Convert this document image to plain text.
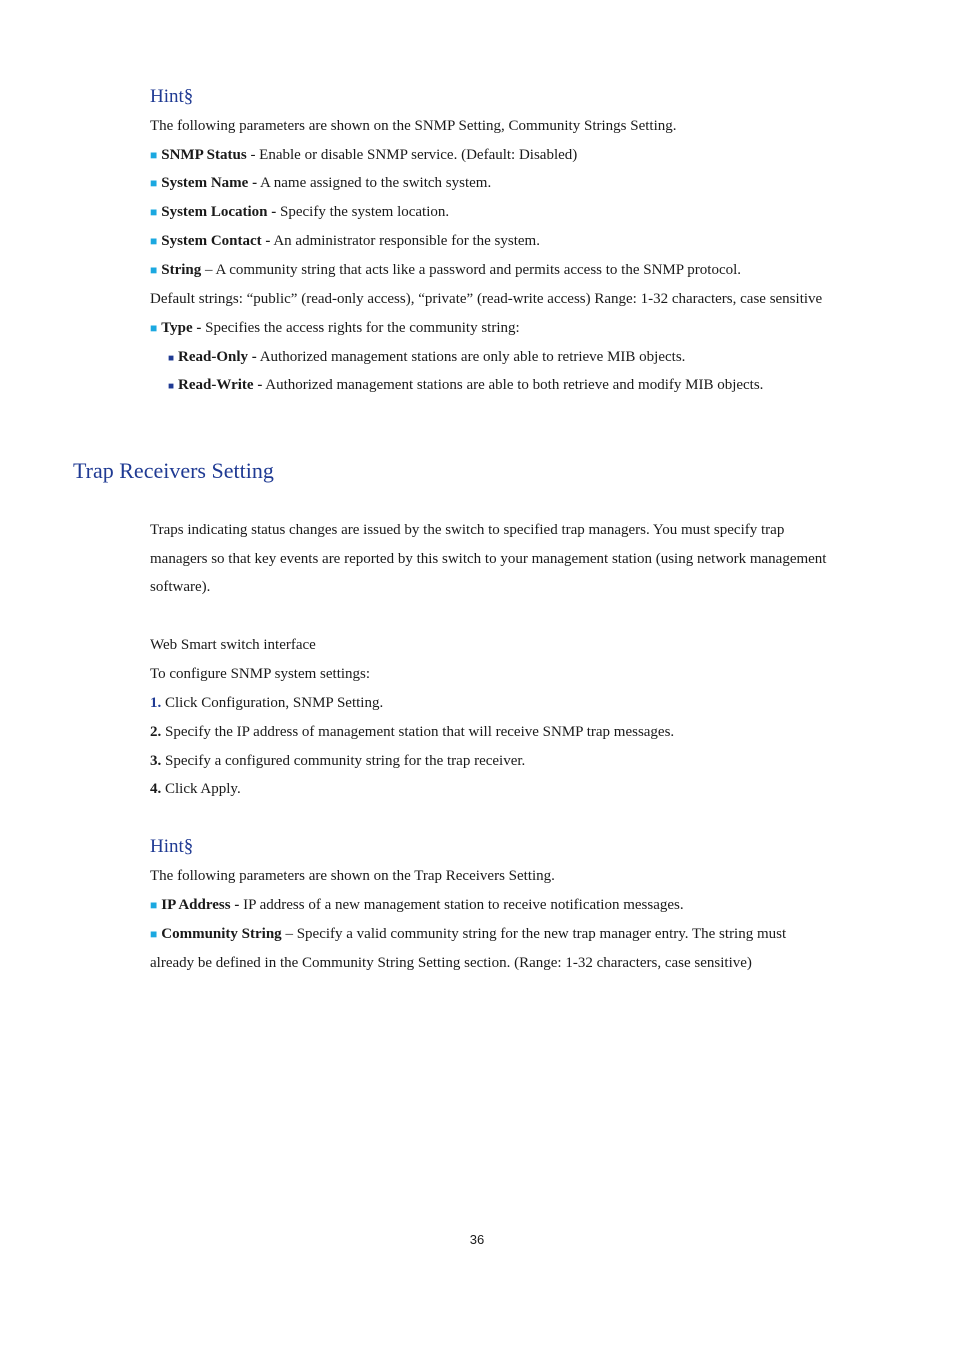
Hint§
The following parameters are shown on the SNMP Setting, Community Strings Setting.
■ SNMP Status - Enable or disable SNMP service. (Default: Disabled)
■ System Name - A name assigned to the switch system.
■ System Location - Specify the system location.
■ System Contact - An administrator responsible for the system.
■ String – A community string that acts like a password and permits access to the SNMP protocol.
Default strings: “public” (read-only access), “private” (read-write access) Range: 1-32 characters, case sensitive
■ Type - Specifies the access rights for the community string:
■ Read-Only - Authorized management stations are only able to retrieve MIB objects.
■ Read-Write - Authorized management stations are able to both retrieve and modify MIB objects.
Trap Receivers Setting
Traps indicating status changes are issued by the switch to specified trap managers. You must specify trap
managers so that key events are reported by this switch to your management station (using network management
software).
Web Smart switch interface
To configure SNMP system settings:
1. Click Configuration, SNMP Setting.
2. Specify the IP address of management station that will receive SNMP trap messages.
3. Specify a configured community string for the trap receiver.
4. Click Apply.
Hint§
The following parameters are shown on the Trap Receivers Setting.
■ IP Address - IP address of a new management station to receive notification messages.
■ Community String – Specify a valid community string for the new trap manager entry. The string must
already be defined in the Community String Setting section. (Range: 1-32 characters, case sensitive)
36
